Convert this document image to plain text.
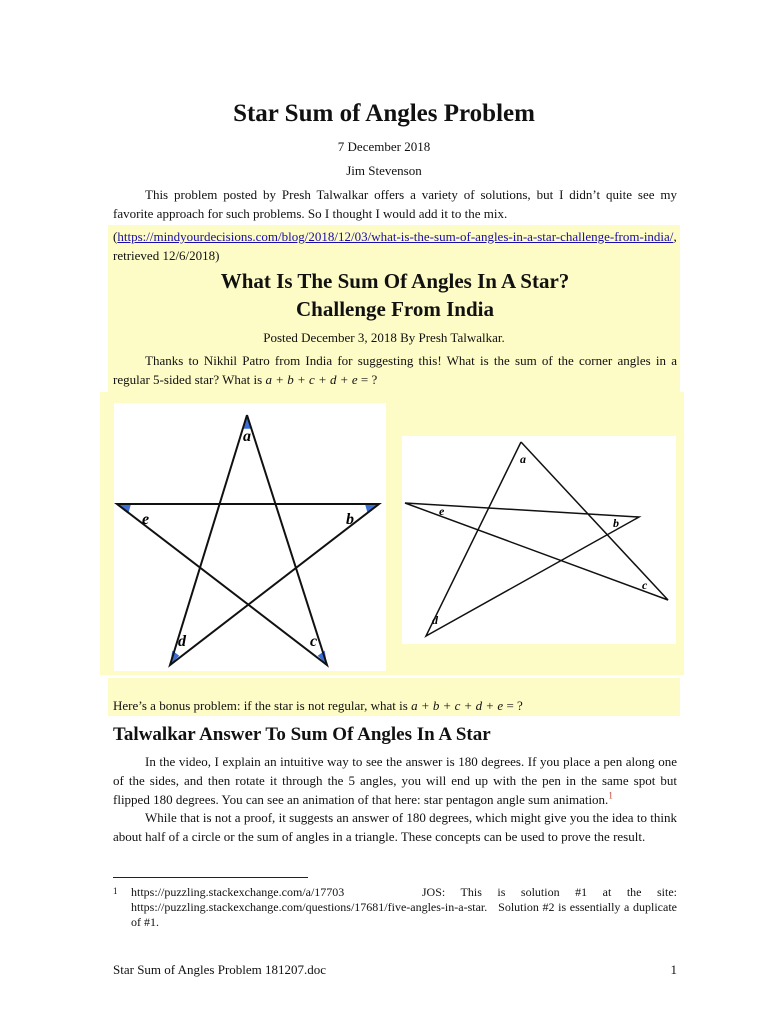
Star Sum of Angles Problem
7 December 2018
Jim Stevenson
This problem posted by Presh Talwalkar offers a variety of solutions, but I didn’t quite see my favorite approach for such problems. So I thought I would add it to the mix.
(https://mindyourdecisions.com/blog/2018/12/03/what-is-the-sum-of-angles-in-a-star-challenge-from-india/, retrieved 12/6/2018)
What Is The Sum Of Angles In A Star?
Challenge From India
Posted December 3, 2018 By Presh Talwalkar.
Thanks to Nikhil Patro from India for suggesting this! What is the sum of the corner angles in a regular 5-sided star? What is a + b + c + d + e = ?
a
b
c
d
e
a
b
c
d
e
Here’s a bonus problem: if the star is not regular, what is a + b + c + d + e = ?
Talwalkar Answer To Sum Of Angles In A Star
In the video, I explain an intuitive way to see the answer is 180 degrees. If you place a pen along one of the sides, and then rotate it through the 5 angles, you will end up with the pen in the same spot but flipped 180 degrees. You can see an animation of that here: star pentagon angle sum animation.$^1$
While that is not a proof, it suggests an answer of 180 degrees, which might give you the idea to think about half of a circle or the sum of angles in a triangle. These concepts can be used to prove the result.
1	https://puzzling.stackexchange.com/a/17703          JOS:  This  is  solution  #1  at  the  site: https://puzzling.stackexchange.com/questions/17681/five-angles-in-a-star.   Solution #2 is essentially a duplicate of #1.
Star Sum of Angles Problem 181207.doc	1
